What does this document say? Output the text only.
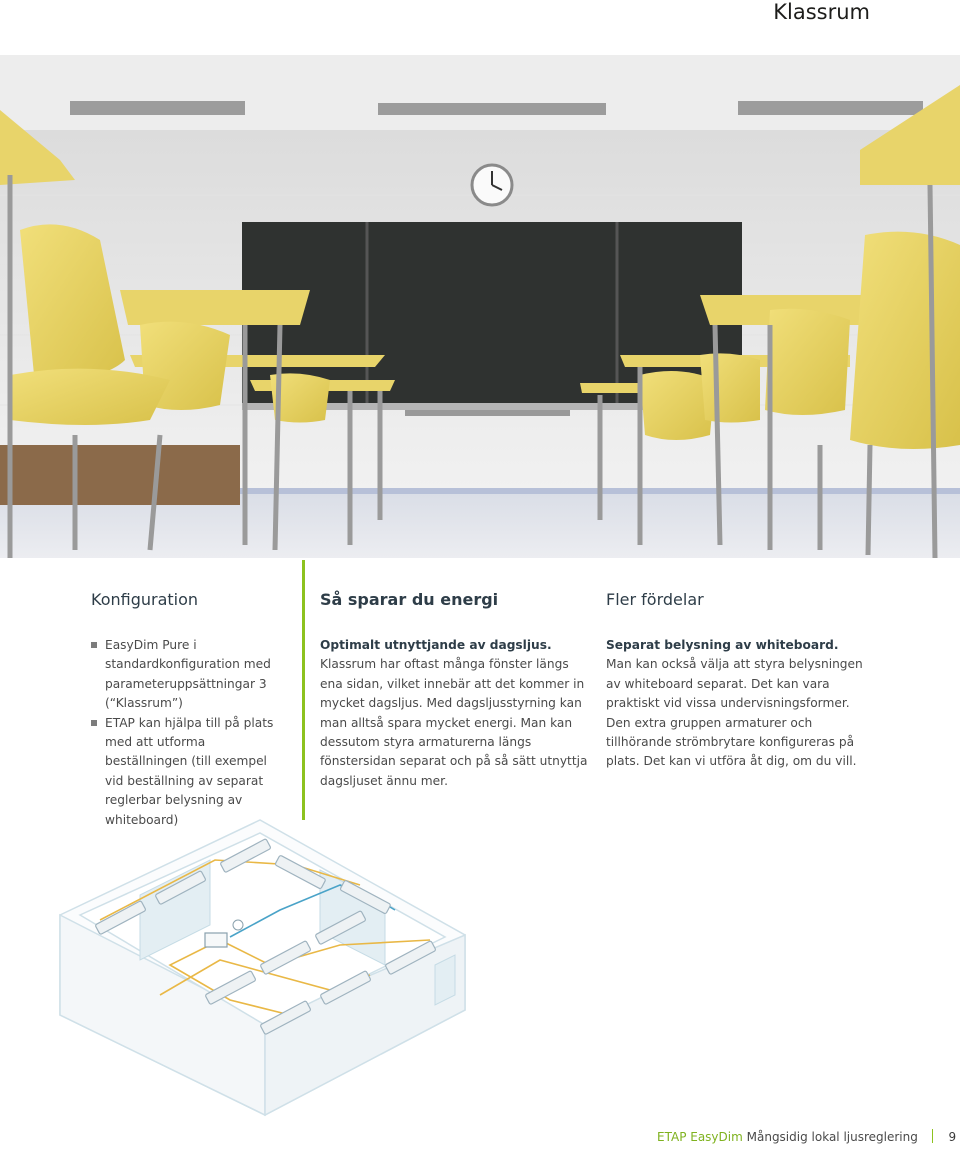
Klassrum
Konfiguration
EasyDim Pure i standardkonfiguration med parameteruppsättningar 3 (“Klassrum”)
ETAP kan hjälpa till på plats med att utforma beställningen (till exempel vid beställning av separat reglerbar belysning av whiteboard)
Så sparar du energi

Optimalt utnyttjande av dagsljus. Klassrum har oftast många fönster längs ena sidan, vilket innebär att det kommer in mycket dagsljus. Med dagsljusstyrning kan man alltså spara mycket energi. Man kan dessutom styra armaturerna längs fönstersidan separat och på så sätt utnyttja dagsljuset ännu mer.

Fler fördelar

Separat belysning av whiteboard. Man kan också välja att styra belysningen av whiteboard separat. Det kan vara praktiskt vid vissa undervisningsformer. Den extra gruppen armaturer och tillhörande strömbrytare konfigureras på plats. Det kan vi utföra åt dig, om du vill.

ETAP EasyDim Mångsidig lokal ljusreglering	9
